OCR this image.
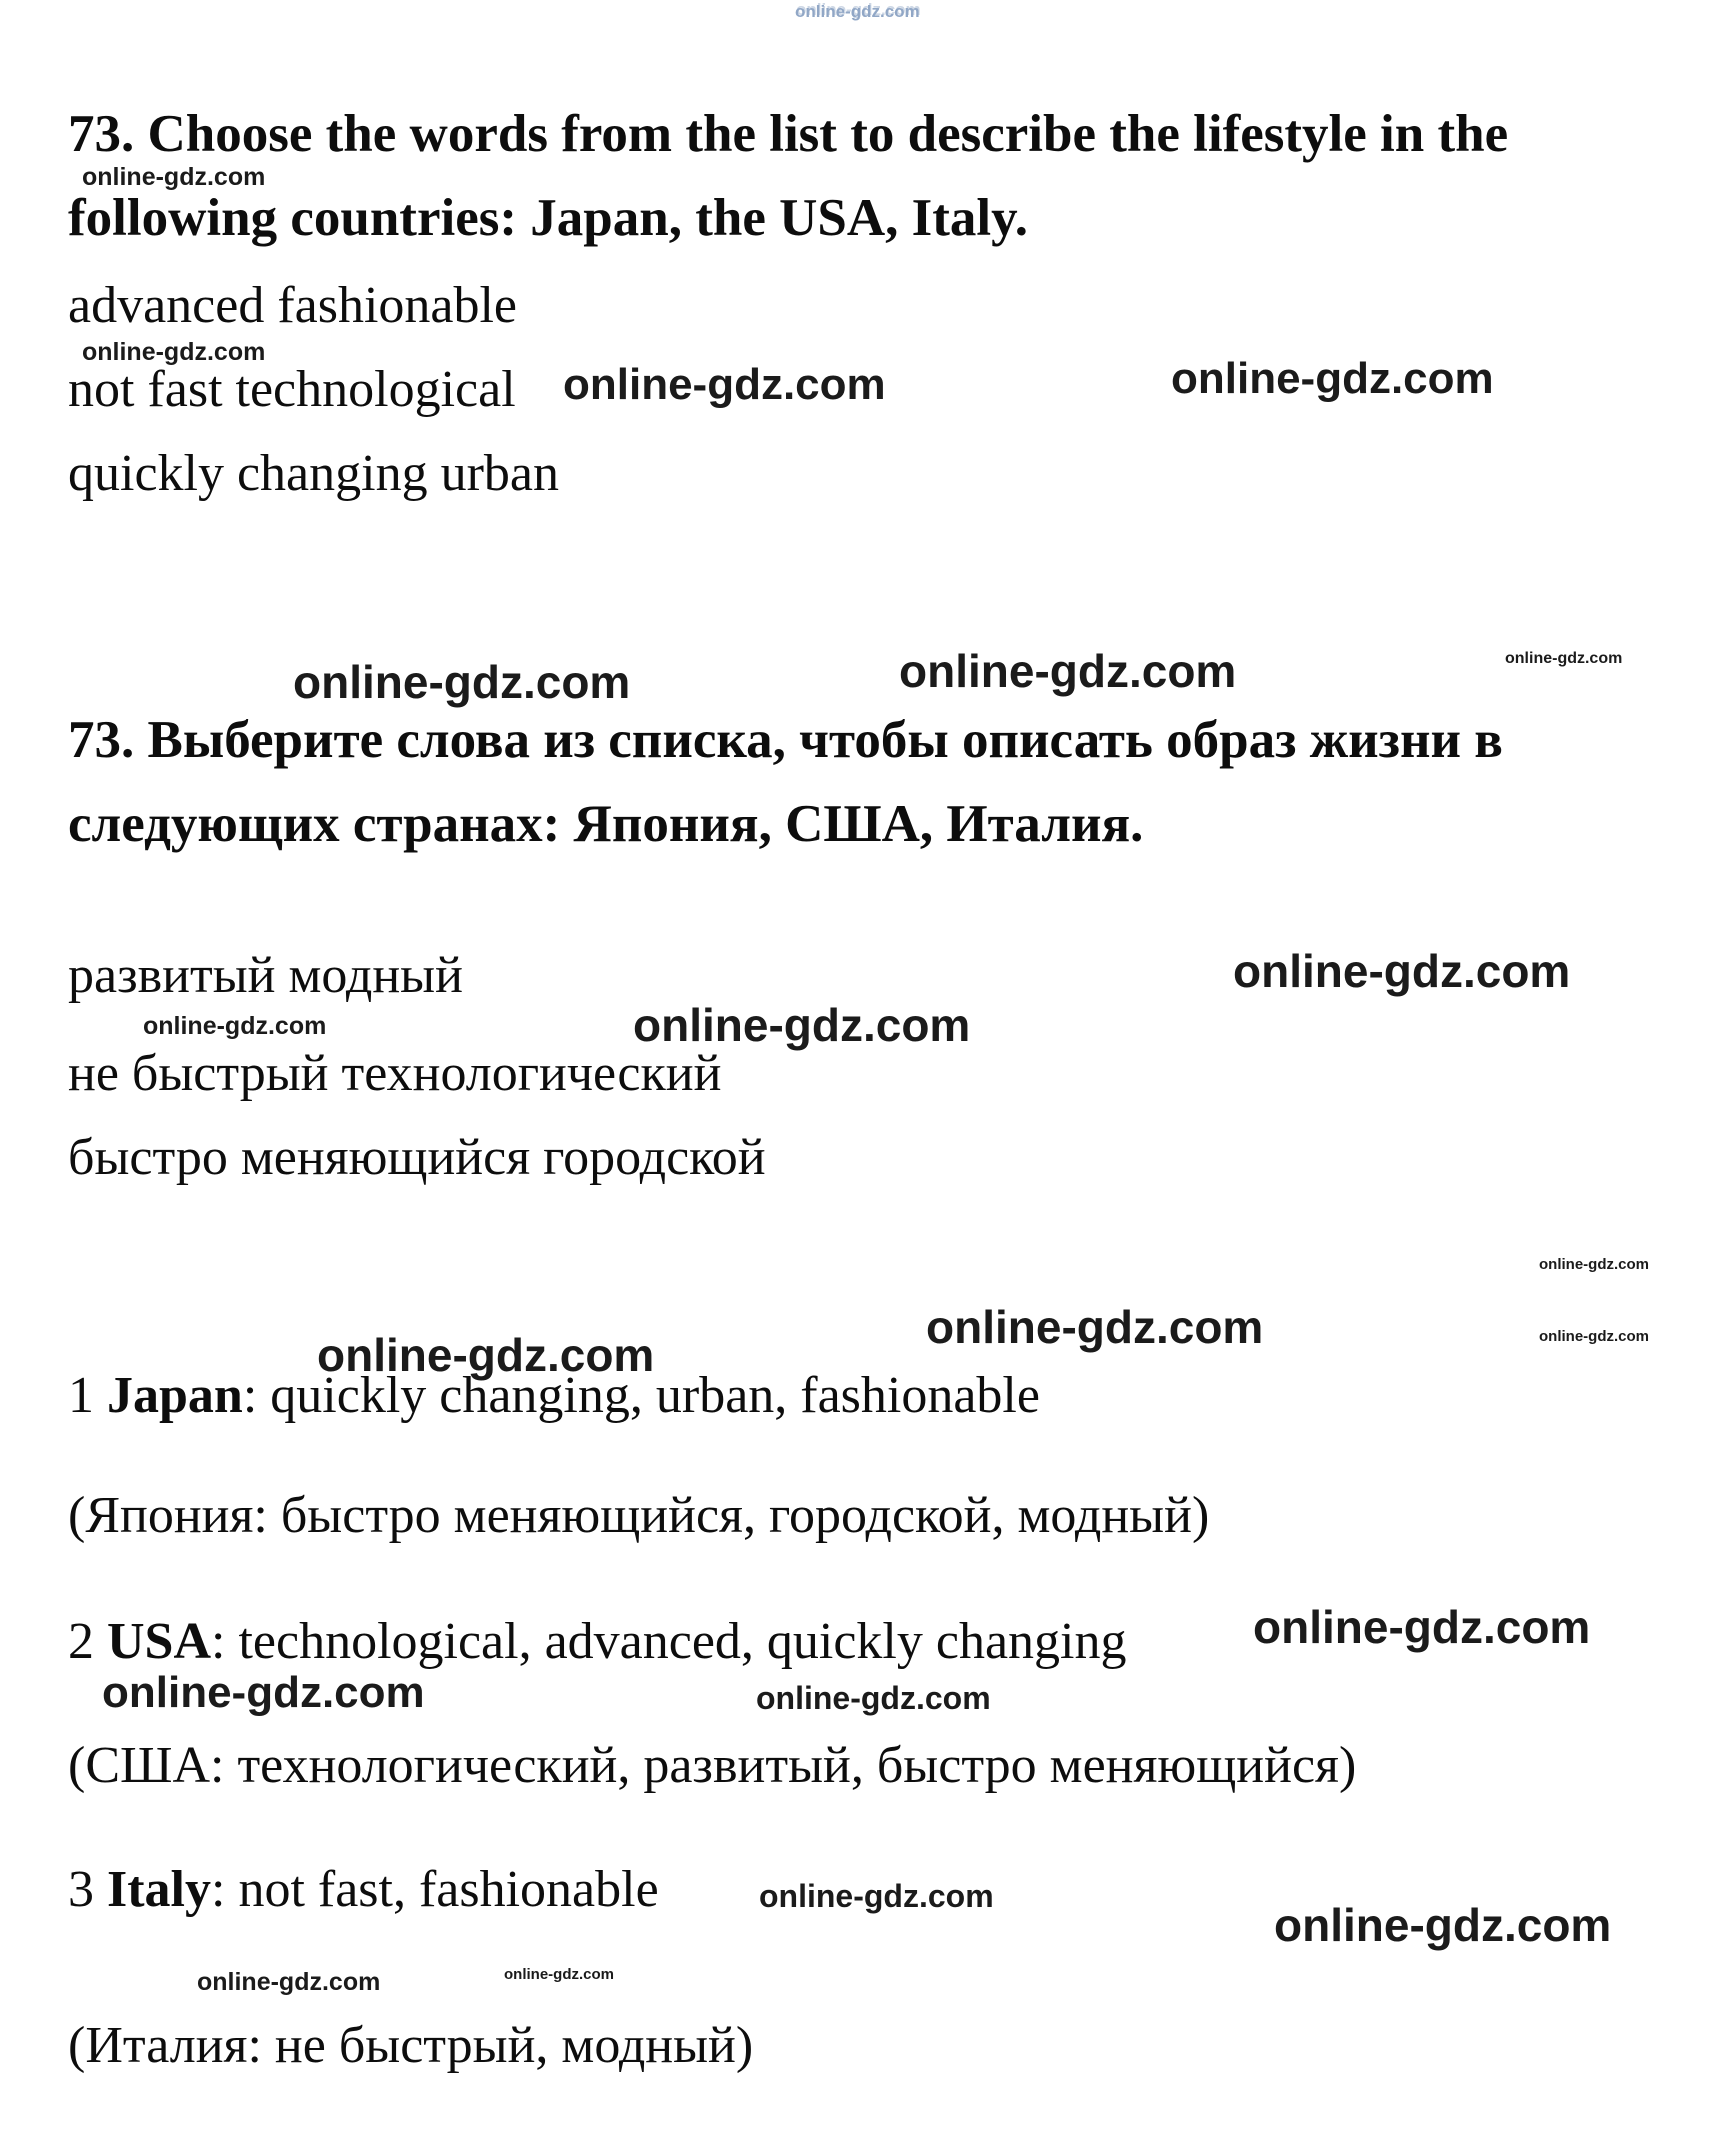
online-gdz.com
73. Choose the words from the list to describe the lifestyle in the
following countries: Japan, the USA, Italy.
online-gdz.com
advanced fashionable
online-gdz.com
not fast technological online-gdz.com	online-gdz.com
quickly changing urban
online-gdz.com	online-gdz.com	online-gdz.com
73. Выберите слова из списка, чтобы описать образ жизни в
следующих странах: Япония, США, Италия.
развитый модный	online-gdz.com
online-gdz.com	online-gdz.com
не быстрый технологический
быстро меняющийся городской
online-gdz.com
online-gdz.com
online-gdz.com	online-gdz.com
1 Japan: quickly changing, urban, fashionable
(Япония: быстро меняющийся, городской, модный)
2 USA: technological, advanced, quickly changing	online-gdz.com
online-gdz.com	online-gdz.com
(США: технологический, развитый, быстро меняющийся)
3 Italy: not fast, fashionable	online-gdz.com
online-gdz.com
online-gdz.com	online-gdz.com
(Италия: не быстрый, модный)
